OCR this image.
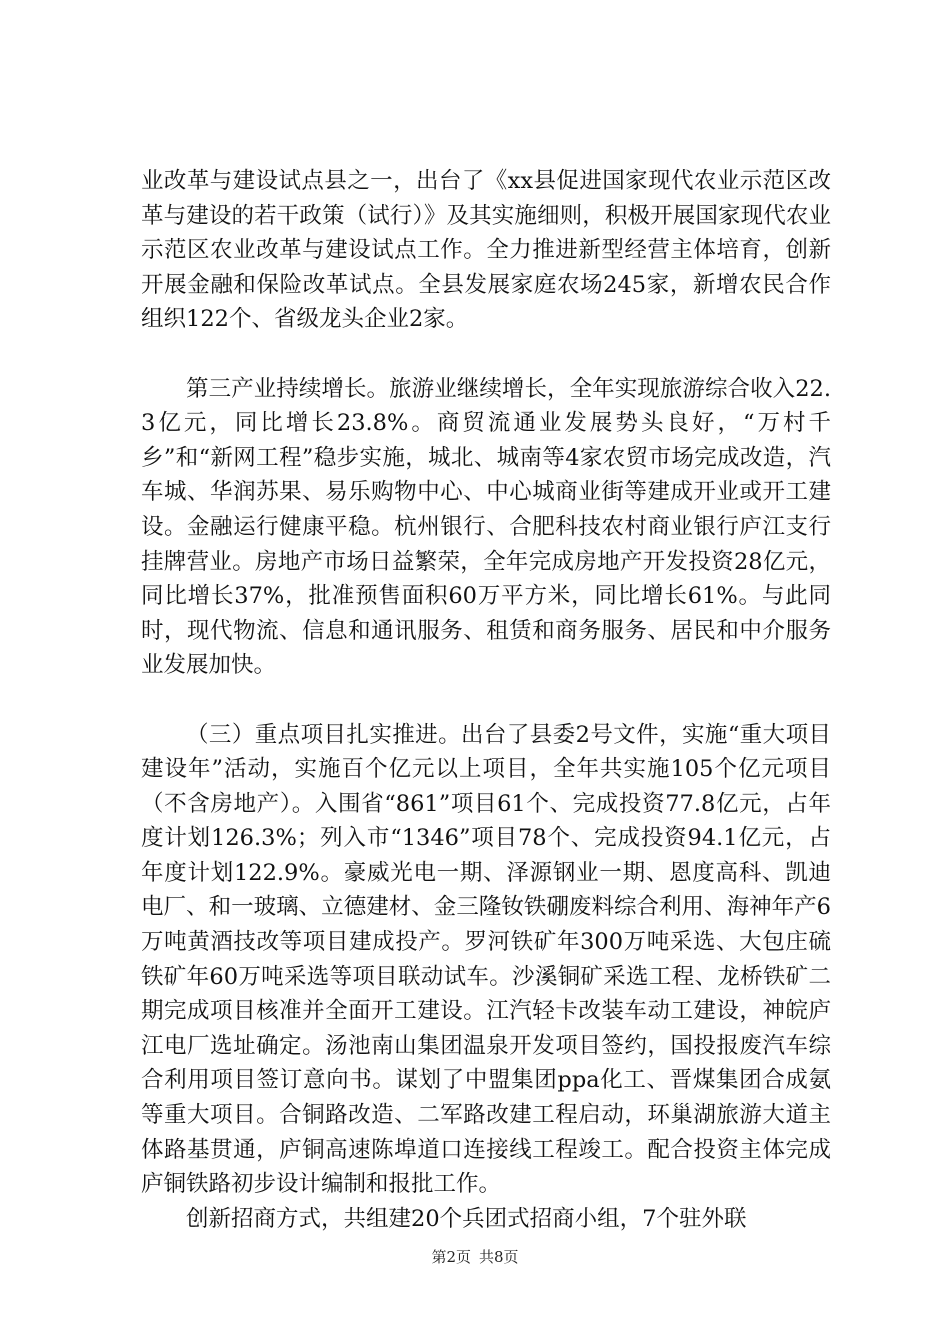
业改革与建设试点县之一，出台了《xx县促进国家现代农业示范区改革与建设的若干政策（试行）》及其实施细则，积极开展国家现代农业示范区农业改革与建设试点工作。全力推进新型经营主体培育，创新开展金融和保险改革试点。全县发展家庭农场245家，新增农民合作组织122个、省级龙头企业2家。

第三产业持续增长。旅游业继续增长，全年实现旅游综合收入22.3亿元，同比增长23.8%。商贸流通业发展势头良好，“万村千乡”和“新网工程”稳步实施，城北、城南等4家农贸市场完成改造，汽车城、华润苏果、易乐购物中心、中心城商业街等建成开业或开工建设。金融运行健康平稳。杭州银行、合肥科技农村商业银行庐江支行挂牌营业。房地产市场日益繁荣，全年完成房地产开发投资28亿元，同比增长37%，批准预售面积60万平方米，同比增长61%。与此同时，现代物流、信息和通讯服务、租赁和商务服务、居民和中介服务业发展加快。

（三）重点项目扎实推进。出台了县委2号文件，实施“重大项目建设年”活动，实施百个亿元以上项目，全年共实施105个亿元项目（不含房地产）。入围省“861”项目61个、完成投资77.8亿元，占年度计划126.3%；列入市“1346”项目78个、完成投资94.1亿元，占年度计划122.9%。豪威光电一期、泽源钢业一期、恩度高科、凯迪电厂、和一玻璃、立德建材、金三隆钕铁硼废料综合利用、海神年产6万吨黄酒技改等项目建成投产。罗河铁矿年300万吨采选、大包庄硫铁矿年60万吨采选等项目联动试车。沙溪铜矿采选工程、龙桥铁矿二期完成项目核准并全面开工建设。江汽轻卡改装车动工建设，神皖庐江电厂选址确定。汤池南山集团温泉开发项目签约，国投报废汽车综合利用项目签订意向书。谋划了中盟集团ppa化工、晋煤集团合成氨等重大项目。合铜路改造、二军路改建工程启动，环巢湖旅游大道主体路基贯通，庐铜高速陈埠道口连接线工程竣工。配合投资主体完成庐铜铁路初步设计编制和报批工作。

创新招商方式，共组建20个兵团式招商小组，7个驻外联

第2页 共8页
